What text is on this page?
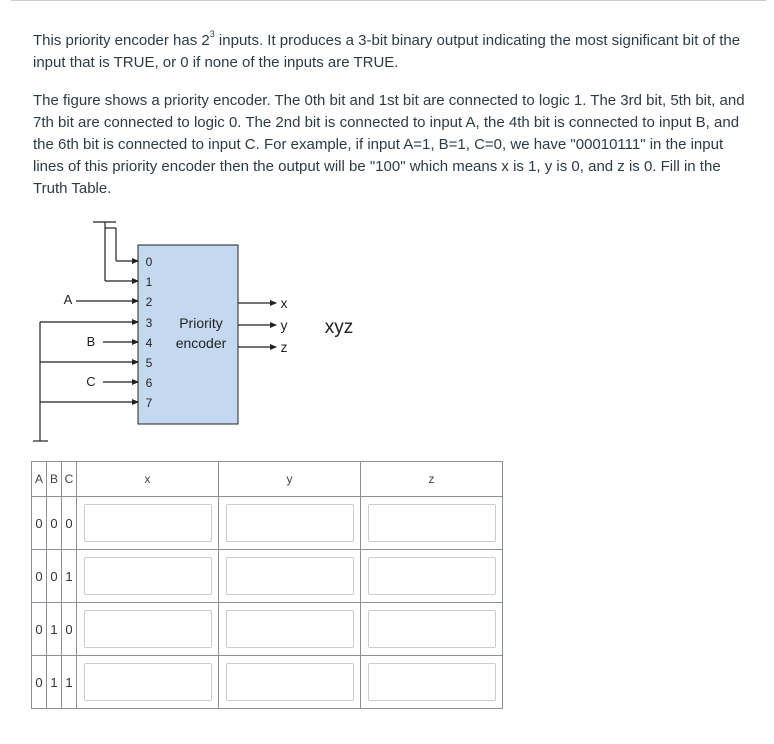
This priority encoder has $2^3$ inputs. It produces a 3-bit binary output indicating the most significant bit of the input that is TRUE, or 0 if none of the inputs are TRUE.

The figure shows a priority encoder. The 0th bit and 1st bit are connected to logic 1. The 3rd bit, 5th bit, and 7th bit are connected to logic 0. The 2nd bit is connected to input A, the 4th bit is connected to input B, and the 6th bit is connected to input C. For example, if input A=1, B=1, C=0, we have "00010111" in the input lines of this priority encoder then the output will be "100" which means x is 1, y is 0, and z is 0. Fill in the Truth Table.

Priority
encoder
0
1
2
3
4
5
6
7
A
B
C
x
y
z
xyz
A	B	C	x	y	z
0	0	0	

0	0	1	

0	1	0	

0	1	1	
